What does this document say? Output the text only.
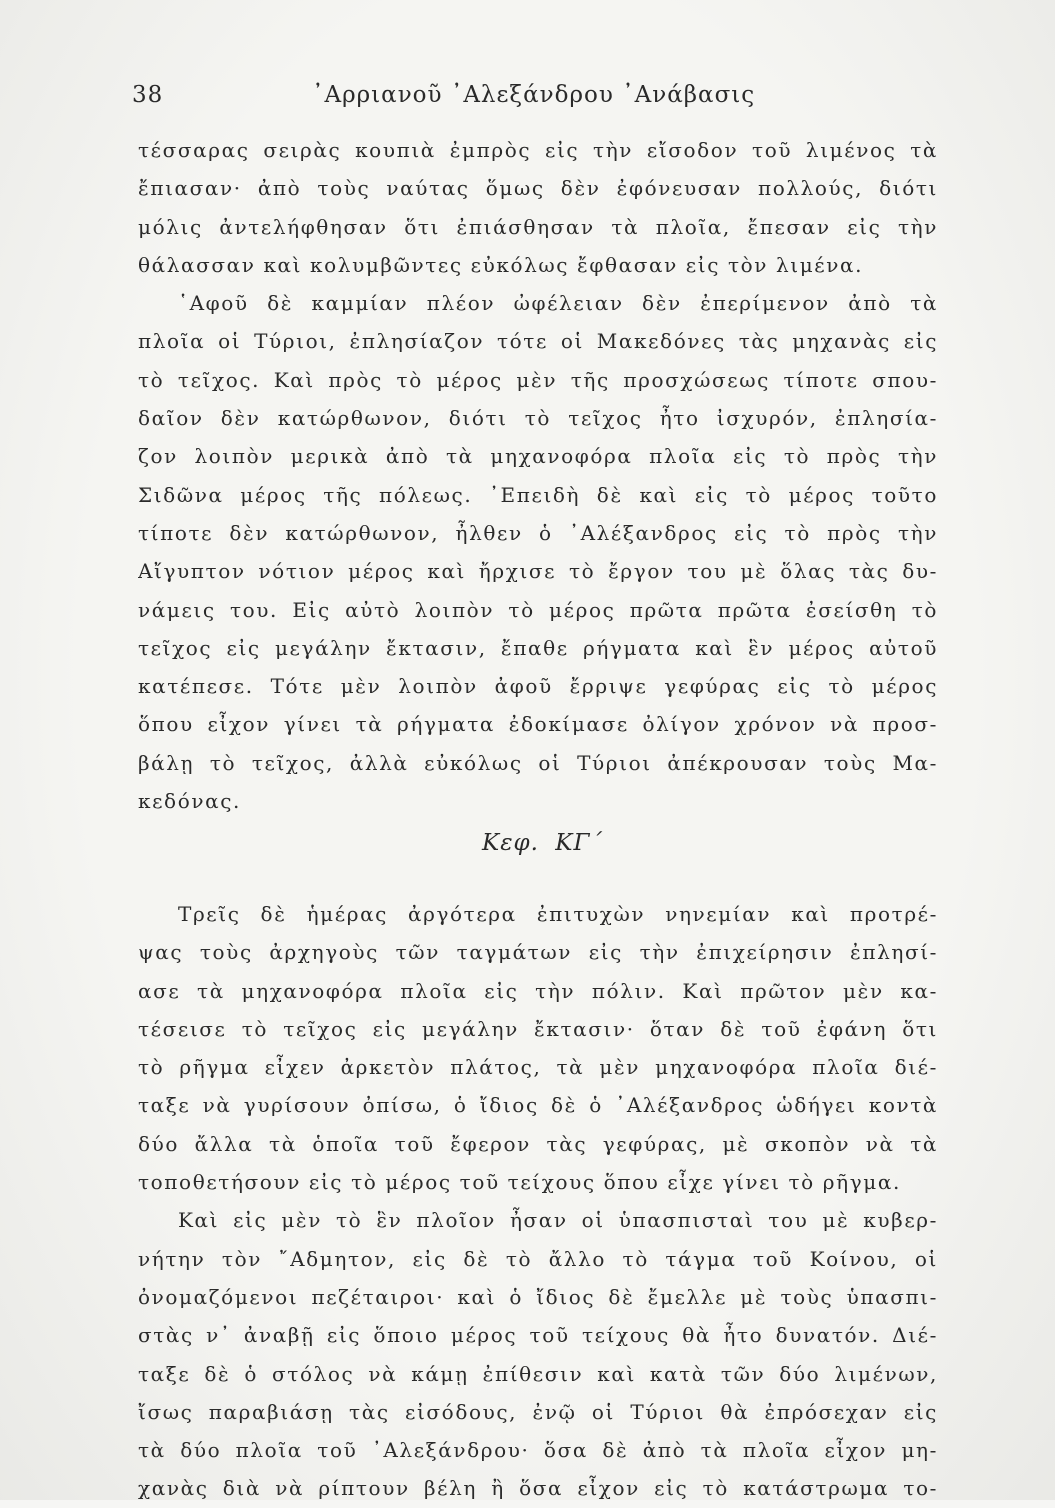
38	᾿Αρριανοῦ ᾿Αλεξάνδρου ᾿Ανάβασις
τέσσαρας σειρὰς κουπιὰ ἐμπρὸς εἰς τὴν εἴσοδον τοῦ λιμένος τὰ
ἔπιασαν· ἀπὸ τοὺς ναύτας ὅμως δὲν ἐφόνευσαν πολλούς, διότι
μόλις ἀντελήφθησαν ὅτι ἐπιάσθησαν τὰ πλοῖα, ἔπεσαν εἰς τὴν
θάλασσαν καὶ κολυμβῶντες εὐκόλως ἔφθασαν εἰς τὸν λιμένα.
῾Αφοῦ δὲ καμμίαν πλέον ὠφέλειαν δὲν ἐπερίμενον ἀπὸ τὰ
πλοῖα οἱ Τύριοι, ἐπλησίαζον τότε οἱ Μακεδόνες τὰς μηχανὰς εἰς
τὸ τεῖχος. Καὶ πρὸς τὸ μέρος μὲν τῆς προσχώσεως τίποτε σπου-
δαῖον δὲν κατώρθωνον, διότι τὸ τεῖχος ἦτο ἰσχυρόν, ἐπλησία-
ζον λοιπὸν μερικὰ ἀπὸ τὰ μηχανοφόρα πλοῖα εἰς τὸ πρὸς τὴν
Σιδῶνα μέρος τῆς πόλεως. ᾿Επειδὴ δὲ καὶ εἰς τὸ μέρος τοῦτο
τίποτε δὲν κατώρθωνον, ἦλθεν ὁ ᾿Αλέξανδρος εἰς τὸ πρὸς τὴν
Αἴγυπτον νότιον μέρος καὶ ἤρχισε τὸ ἔργον του μὲ ὅλας τὰς δυ-
νάμεις του. Εἰς αὐτὸ λοιπὸν τὸ μέρος πρῶτα πρῶτα ἐσείσθη τὸ
τεῖχος εἰς μεγάλην ἔκτασιν, ἔπαθε ρήγματα καὶ ἓν μέρος αὐτοῦ
κατέπεσε. Τότε μὲν λοιπὸν ἀφοῦ ἔρριψε γεφύρας εἰς τὸ μέρος
ὅπου εἶχον γίνει τὰ ρήγματα ἐδοκίμασε ὀλίγον χρόνον νὰ προσ-
βάλῃ τὸ τεῖχος, ἀλλὰ εὐκόλως οἱ Τύριοι ἀπέκρουσαν τοὺς Μα-
κεδόνας.
Κεφ. ΚΓ΄
Τρεῖς δὲ ἡμέρας ἀργότερα ἐπιτυχὼν νηνεμίαν καὶ προτρέ-
ψας τοὺς ἀρχηγοὺς τῶν ταγμάτων εἰς τὴν ἐπιχείρησιν ἐπλησί-
ασε τὰ μηχανοφόρα πλοῖα εἰς τὴν πόλιν. Καὶ πρῶτον μὲν κα-
τέσεισε τὸ τεῖχος εἰς μεγάλην ἔκτασιν· ὅταν δὲ τοῦ ἐφάνη ὅτι
τὸ ρῆγμα εἶχεν ἀρκετὸν πλάτος, τὰ μὲν μηχανοφόρα πλοῖα διέ-
ταξε νὰ γυρίσουν ὀπίσω, ὁ ἴδιος δὲ ὁ ᾿Αλέξανδρος ὡδήγει κοντὰ
δύο ἄλλα τὰ ὁποῖα τοῦ ἔφερον τὰς γεφύρας, μὲ σκοπὸν νὰ τὰ
τοποθετήσουν εἰς τὸ μέρος τοῦ τείχους ὅπου εἶχε γίνει τὸ ρῆγμα.
Καὶ εἰς μὲν τὸ ἓν πλοῖον ἦσαν οἱ ὑπασπισταὶ του μὲ κυβερ-
νήτην τὸν ῎Αδμητον, εἰς δὲ τὸ ἄλλο τὸ τάγμα τοῦ Κοίνου, οἱ
ὀνομαζόμενοι πεζέταιροι· καὶ ὁ ἴδιος δὲ ἔμελλε μὲ τοὺς ὑπασπι-
στὰς ν᾿ ἀναβῇ εἰς ὅποιο μέρος τοῦ τείχους θὰ ἦτο δυνατόν. Διέ-
ταξε δὲ ὁ στόλος νὰ κάμῃ ἐπίθεσιν καὶ κατὰ τῶν δύο λιμένων,
ἴσως παραβιάσῃ τὰς εἰσόδους, ἐνῷ οἱ Τύριοι θὰ ἐπρόσεχαν εἰς
τὰ δύο πλοῖα τοῦ ᾿Αλεξάνδρου· ὅσα δὲ ἀπὸ τὰ πλοῖα εἶχον μη-
χανὰς διὰ νὰ ρίπτουν βέλη ἢ ὅσα εἶχον εἰς τὸ κατάστρωμα το-
